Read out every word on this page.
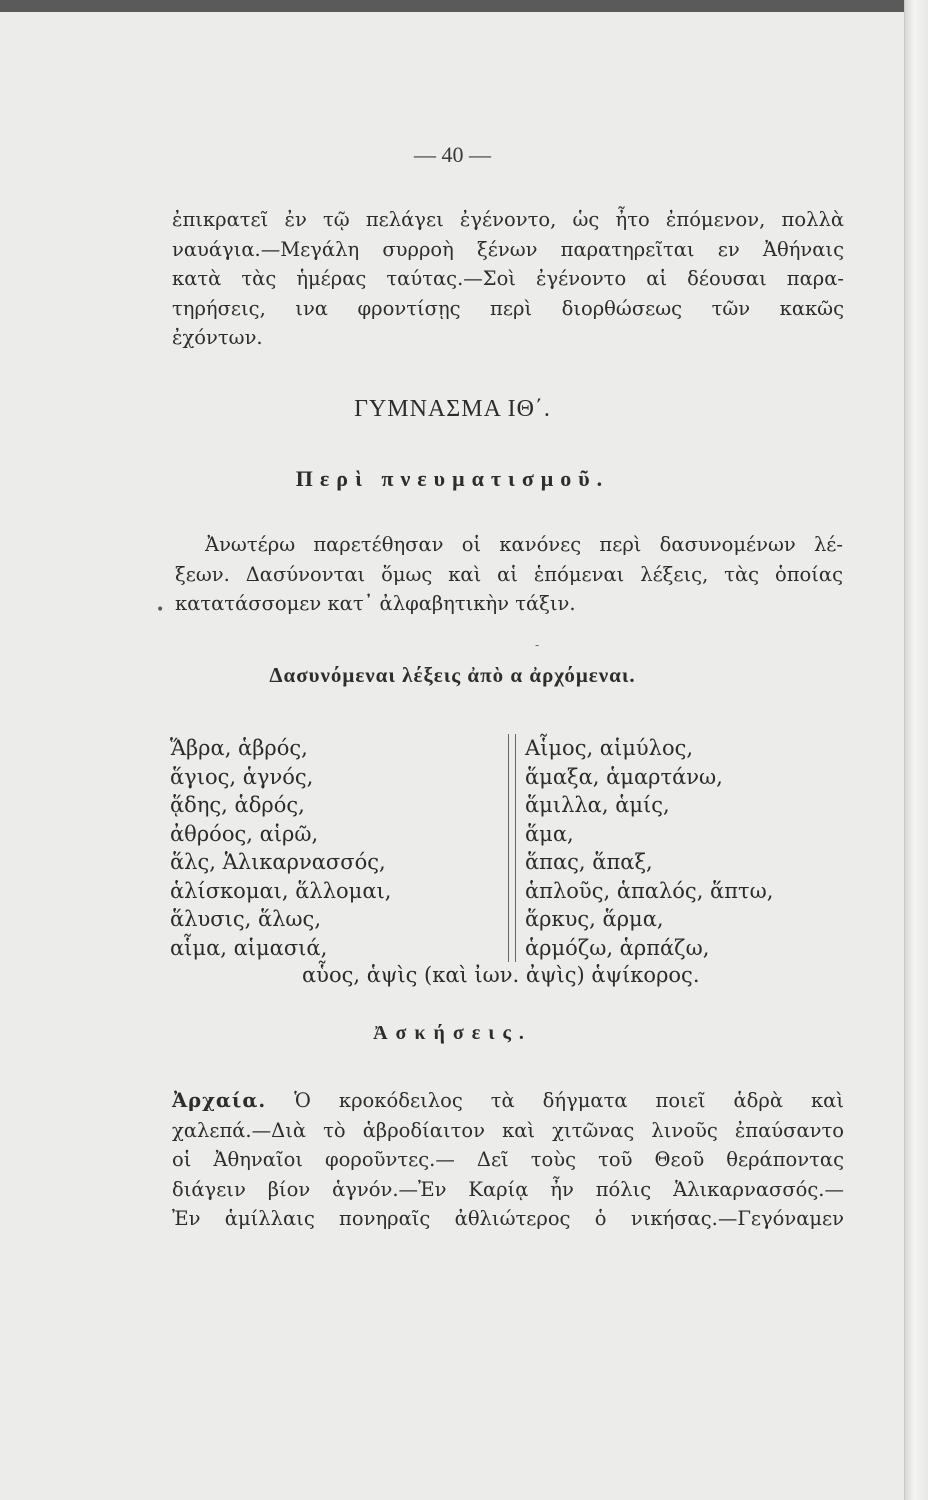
— 40 —
ἐπικρατεῖ ἐν τῷ πελάγει ἐγένοντο, ὡς ἦτο ἐπόμενον, πολλὰ
ναυάγια.—Μεγάλη συρροὴ ξένων παρατηρεῖται εν Ἀθήναις
κατὰ τὰς ἡμέρας ταύτας.—Σοὶ ἐγένοντο αἱ δέουσαι παρα-
τηρήσεις, ινα φροντίσῃς περὶ διορθώσεως τῶν κακῶς
ἐχόντων.
ΓΥΜΝΑΣΜΑ ΙΘ΄.
Περὶ πνευματισμοῦ.
Ἀνωτέρω παρετέθησαν οἱ κανόνες περὶ δασυνομένων λέ-
ξεων. Δασύνονται ὅμως καὶ αἱ ἑπόμεναι λέξεις, τὰς ὁποίας
κατατάσσομεν κατ᾽ ἀλφαβητικὴν τάξιν.
•
-
Δασυνόμεναι λέξεις ἀπὸ α ἀρχόμεναι.
Ἅβρα, ἁβρός,
ἅγιος, ἁγνός,
ᾅδης, ἁδρός,
ἀθρόος, αἱρῶ,
ἅλς, Ἁλικαρνασσός,
ἁλίσκομαι, ἅλλομαι,
ἅλυσις, ἅλως,
αἷμα, αἱμασιά,
Αἷμος, αἱμύλος,
ἅμαξα, ἁμαρτάνω,
ἅμιλλα, ἁμίς,
ἅμα,
ἅπας, ἅπαξ,
ἁπλοῦς, ἁπαλός, ἅπτω,
ἅρκυς, ἅρμα,
ἁρμόζω, ἁρπάζω,
αὗος, ἁψὶς (καὶ ἰων. ἀψὶς) ἁψίκορος.
Ἀσκήσεις.
Ἀρχαία. Ὁ κροκόδειλος τὰ δήγματα ποιεῖ ἁδρὰ καὶ
χαλεπά.—Διὰ τὸ ἁβροδίαιτον καὶ χιτῶνας λινοῦς ἐπαύσαντο
οἱ Ἀθηναῖοι φοροῦντες.— Δεῖ τοὺς τοῦ Θεοῦ θεράποντας
διάγειν βίον ἁγνόν.—Ἐν Καρίᾳ ἦν πόλις Ἁλικαρνασσός.—
Ἐν ἁμίλλαις πονηραῖς ἀθλιώτερος ὁ νικήσας.—Γεγόναμεν
